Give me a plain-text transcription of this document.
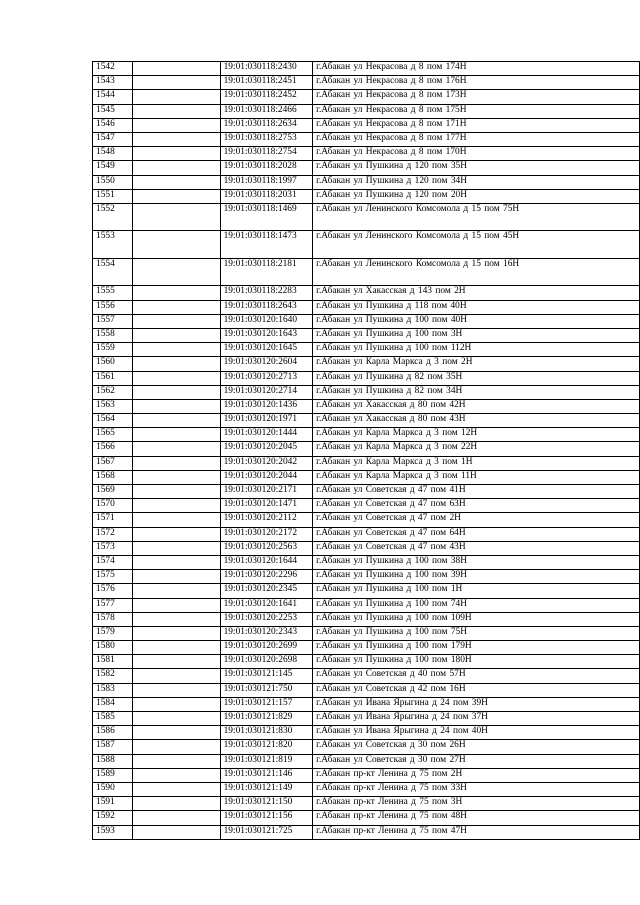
1542		19:01:030118:2430	г.Абакан ул Некрасова д 8 пом 174Н
1543		19:01:030118:2451	г.Абакан ул Некрасова д 8 пом 176Н
1544		19:01:030118:2452	г.Абакан ул Некрасова д 8 пом 173Н
1545		19:01:030118:2466	г.Абакан ул Некрасова д 8 пом 175Н
1546		19:01:030118:2634	г.Абакан ул Некрасова д 8 пом 171Н
1547		19:01:030118:2753	г.Абакан ул Некрасова д 8 пом 177Н
1548		19:01:030118:2754	г.Абакан ул Некрасова д 8 пом 170Н
1549		19:01:030118:2028	г.Абакан ул Пушкина д 120 пом 35Н
1550		19:01:030118:1997	г.Абакан ул Пушкина д 120 пом 34Н
1551		19:01:030118:2031	г.Абакан ул Пушкина д 120 пом 20Н
1552		19:01:030118:1469	г.Абакан ул Ленинского Комсомола д 15 пом 75Н
1553		19:01:030118:1473	г.Абакан ул Ленинского Комсомола д 15 пом 45Н
1554		19:01:030118:2181	г.Абакан ул Ленинского Комсомола д 15 пом 16Н
1555		19:01:030118:2283	г.Абакан ул Хакасская д 143 пом 2Н
1556		19:01:030118:2643	г.Абакан ул Пушкина д 118 пом 40Н
1557		19:01:030120:1640	г.Абакан ул Пушкина д 100 пом 40Н
1558		19:01:030120:1643	г.Абакан ул Пушкина д 100 пом 3Н
1559		19:01:030120:1645	г.Абакан ул Пушкина д 100 пом 112Н
1560		19:01:030120:2604	г.Абакан ул Карла Маркса д 3 пом 2Н
1561		19:01:030120:2713	г.Абакан ул Пушкина д 82 пом 35Н
1562		19:01:030120:2714	г.Абакан ул Пушкина д 82 пом 34Н
1563		19:01:030120:1436	г.Абакан ул Хакасская д 80 пом 42Н
1564		19:01:030120:1971	г.Абакан ул Хакасская д 80 пом 43Н
1565		19:01:030120:1444	г.Абакан ул Карла Маркса д 3 пом 12Н
1566		19:01:030120:2045	г.Абакан ул Карла Маркса д 3 пом 22Н
1567		19:01:030120:2042	г.Абакан ул Карла Маркса д 3 пом 1Н
1568		19:01:030120:2044	г.Абакан ул Карла Маркса д 3 пом 11Н
1569		19:01:030120:2171	г.Абакан ул Советская д 47 пом 41Н
1570		19:01:030120:1471	г.Абакан ул Советская д 47 пом 63Н
1571		19:01:030120:2112	г.Абакан ул Советская д 47 пом 2Н
1572		19:01:030120:2172	г.Абакан ул Советская д 47 пом 64Н
1573		19:01:030120:2563	г.Абакан ул Советская д 47 пом 43Н
1574		19:01:030120:1644	г.Абакан ул Пушкина д 100 пом 38Н
1575		19:01:030120:2296	г.Абакан ул Пушкина д 100 пом 39Н
1576		19:01:030120:2345	г.Абакан ул Пушкина д 100 пом 1Н
1577		19:01:030120:1641	г.Абакан ул Пушкина д 100 пом 74Н
1578		19:01:030120:2253	г.Абакан ул Пушкина д 100 пом 109Н
1579		19:01:030120:2343	г.Абакан ул Пушкина д 100 пом 75Н
1580		19:01:030120:2699	г.Абакан ул Пушкина д 100 пом 179Н
1581		19:01:030120:2698	г.Абакан ул Пушкина д 100 пом 180Н
1582		19:01:030121:145	г.Абакан ул Советская д 40 пом 57Н
1583		19:01:030121:750	г.Абакан ул Советская д 42 пом 16Н
1584		19:01:030121:157	г.Абакан ул Ивана Ярыгина д 24 пом 39Н
1585		19:01:030121:829	г.Абакан ул Ивана Ярыгина д 24 пом 37Н
1586		19:01:030121:830	г.Абакан ул Ивана Ярыгина д 24 пом 40Н
1587		19:01:030121:820	г.Абакан ул Советская д 30 пом 26Н
1588		19:01:030121:819	г.Абакан ул Советская д 30 пом 27Н
1589		19:01:030121:146	г.Абакан пр-кт Ленина д 75 пом 2Н
1590		19:01:030121:149	г.Абакан пр-кт Ленина д 75 пом 33Н
1591		19:01:030121:150	г.Абакан пр-кт Ленина д 75 пом 3Н
1592		19:01:030121:156	г.Абакан пр-кт Ленина д 75 пом 48Н
1593		19:01:030121:725	г.Абакан пр-кт Ленина д 75 пом 47Н
